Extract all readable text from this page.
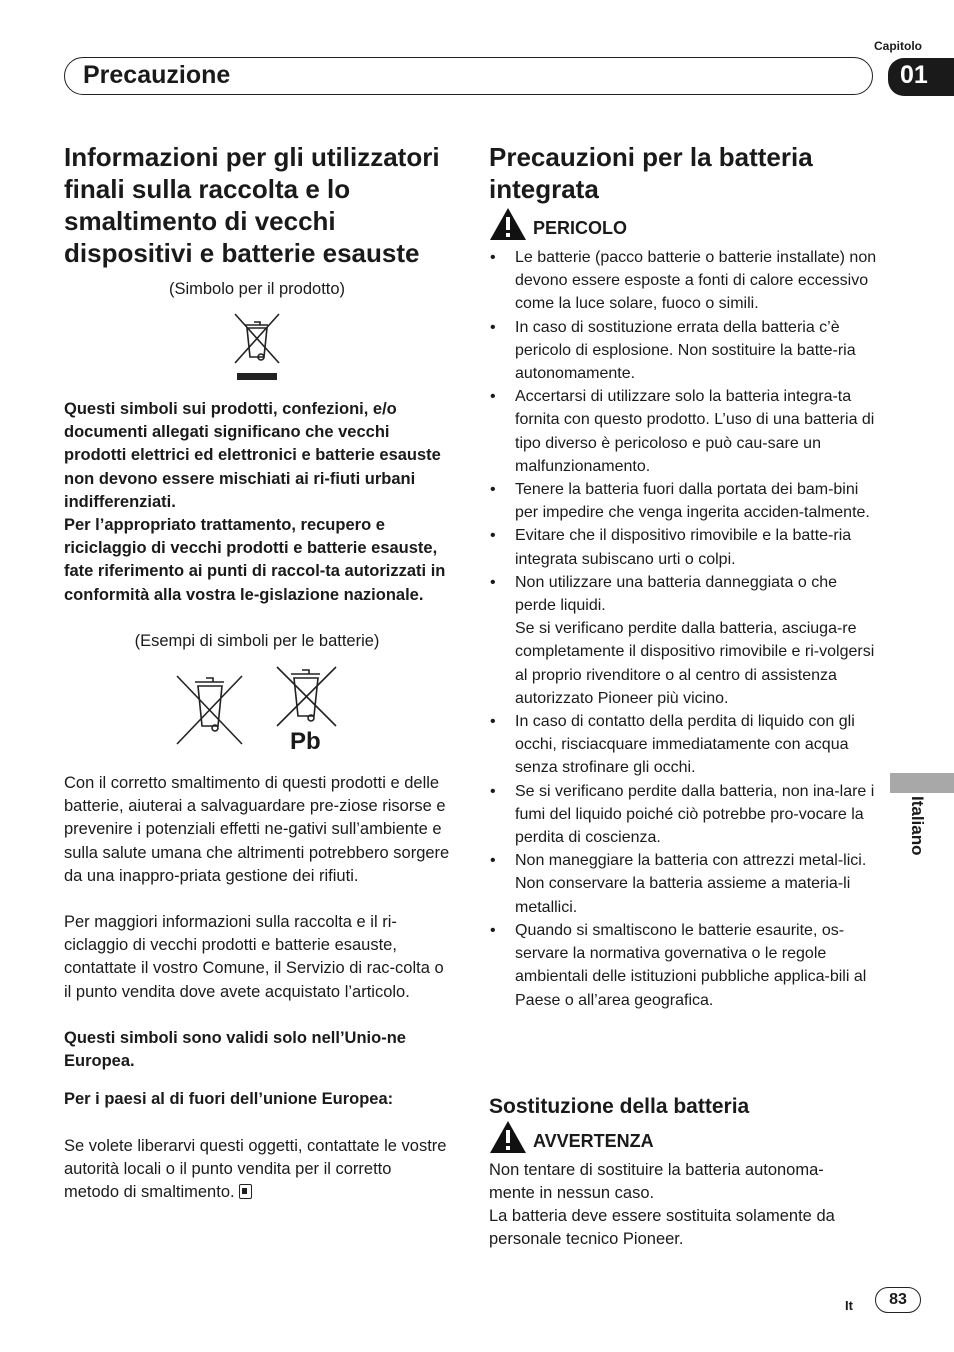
Capitolo
Precauzione	01
Italiano
Informazioni per gli utilizzatori finali sulla raccolta e lo smaltimento di vecchi dispositivi e batterie esauste
(Simbolo per il prodotto)
Questi simboli sui prodotti, confezioni, e/o documenti allegati significano che vecchi prodotti elettrici ed elettronici e batterie esauste non devono essere mischiati ai ri-fiuti urbani indifferenziati.
Per l’appropriato trattamento, recupero e riciclaggio di vecchi prodotti e batterie esauste, fate riferimento ai punti di raccol-ta autorizzati in conformità alla vostra le-gislazione nazionale.
(Esempi di simboli per le batterie)
Pb
Con il corretto smaltimento di questi prodotti e delle batterie, aiuterai a salvaguardare pre-ziose risorse e prevenire i potenziali effetti ne-gativi sull’ambiente e sulla salute umana che altrimenti potrebbero sorgere da una inappro-priata gestione dei rifiuti.
Per maggiori informazioni sulla raccolta e il ri-ciclaggio di vecchi prodotti e batterie esauste, contattate il vostro Comune, il Servizio di rac-colta o il punto vendita dove avete acquistato l’articolo.
Questi simboli sono validi solo nell’Unio-ne Europea.
Per i paesi al di fuori dell’unione Europea:
Se volete liberarvi questi oggetti, contattate le vostre autorità locali o il punto vendita per il corretto metodo di smaltimento.
Precauzioni per la batteria integrata
PERICOLO
• Le batterie (pacco batterie o batterie installate) non devono essere esposte a fonti di calore eccessivo come la luce solare, fuoco o simili.
• In caso di sostituzione errata della batteria c’è pericolo di esplosione. Non sostituire la batte-ria autonomamente.
• Accertarsi di utilizzare solo la batteria integra-ta fornita con questo prodotto. L’uso di una batteria di tipo diverso è pericoloso e può cau-sare un malfunzionamento.
• Tenere la batteria fuori dalla portata dei bam-bini per impedire che venga ingerita acciden-talmente.
• Evitare che il dispositivo rimovibile e la batte-ria integrata subiscano urti o colpi.
• Non utilizzare una batteria danneggiata o che perde liquidi.
Se si verificano perdite dalla batteria, asciuga-re completamente il dispositivo rimovibile e ri-volgersi al proprio rivenditore o al centro di assistenza autorizzato Pioneer più vicino.
• In caso di contatto della perdita di liquido con gli occhi, risciacquare immediatamente con acqua senza strofinare gli occhi.
• Se si verificano perdite dalla batteria, non ina-lare i fumi del liquido poiché ciò potrebbe pro-vocare la perdita di coscienza.
• Non maneggiare la batteria con attrezzi metal-lici.
Non conservare la batteria assieme a materia-li metallici.
• Quando si smaltiscono le batterie esaurite, os-servare la normativa governativa o le regole ambientali delle istituzioni pubbliche applica-bili al Paese o all’area geografica.
Sostituzione della batteria
AVVERTENZA
Non tentare di sostituire la batteria autonoma-mente in nessun caso.
La batteria deve essere sostituita solamente da personale tecnico Pioneer.
It	83
